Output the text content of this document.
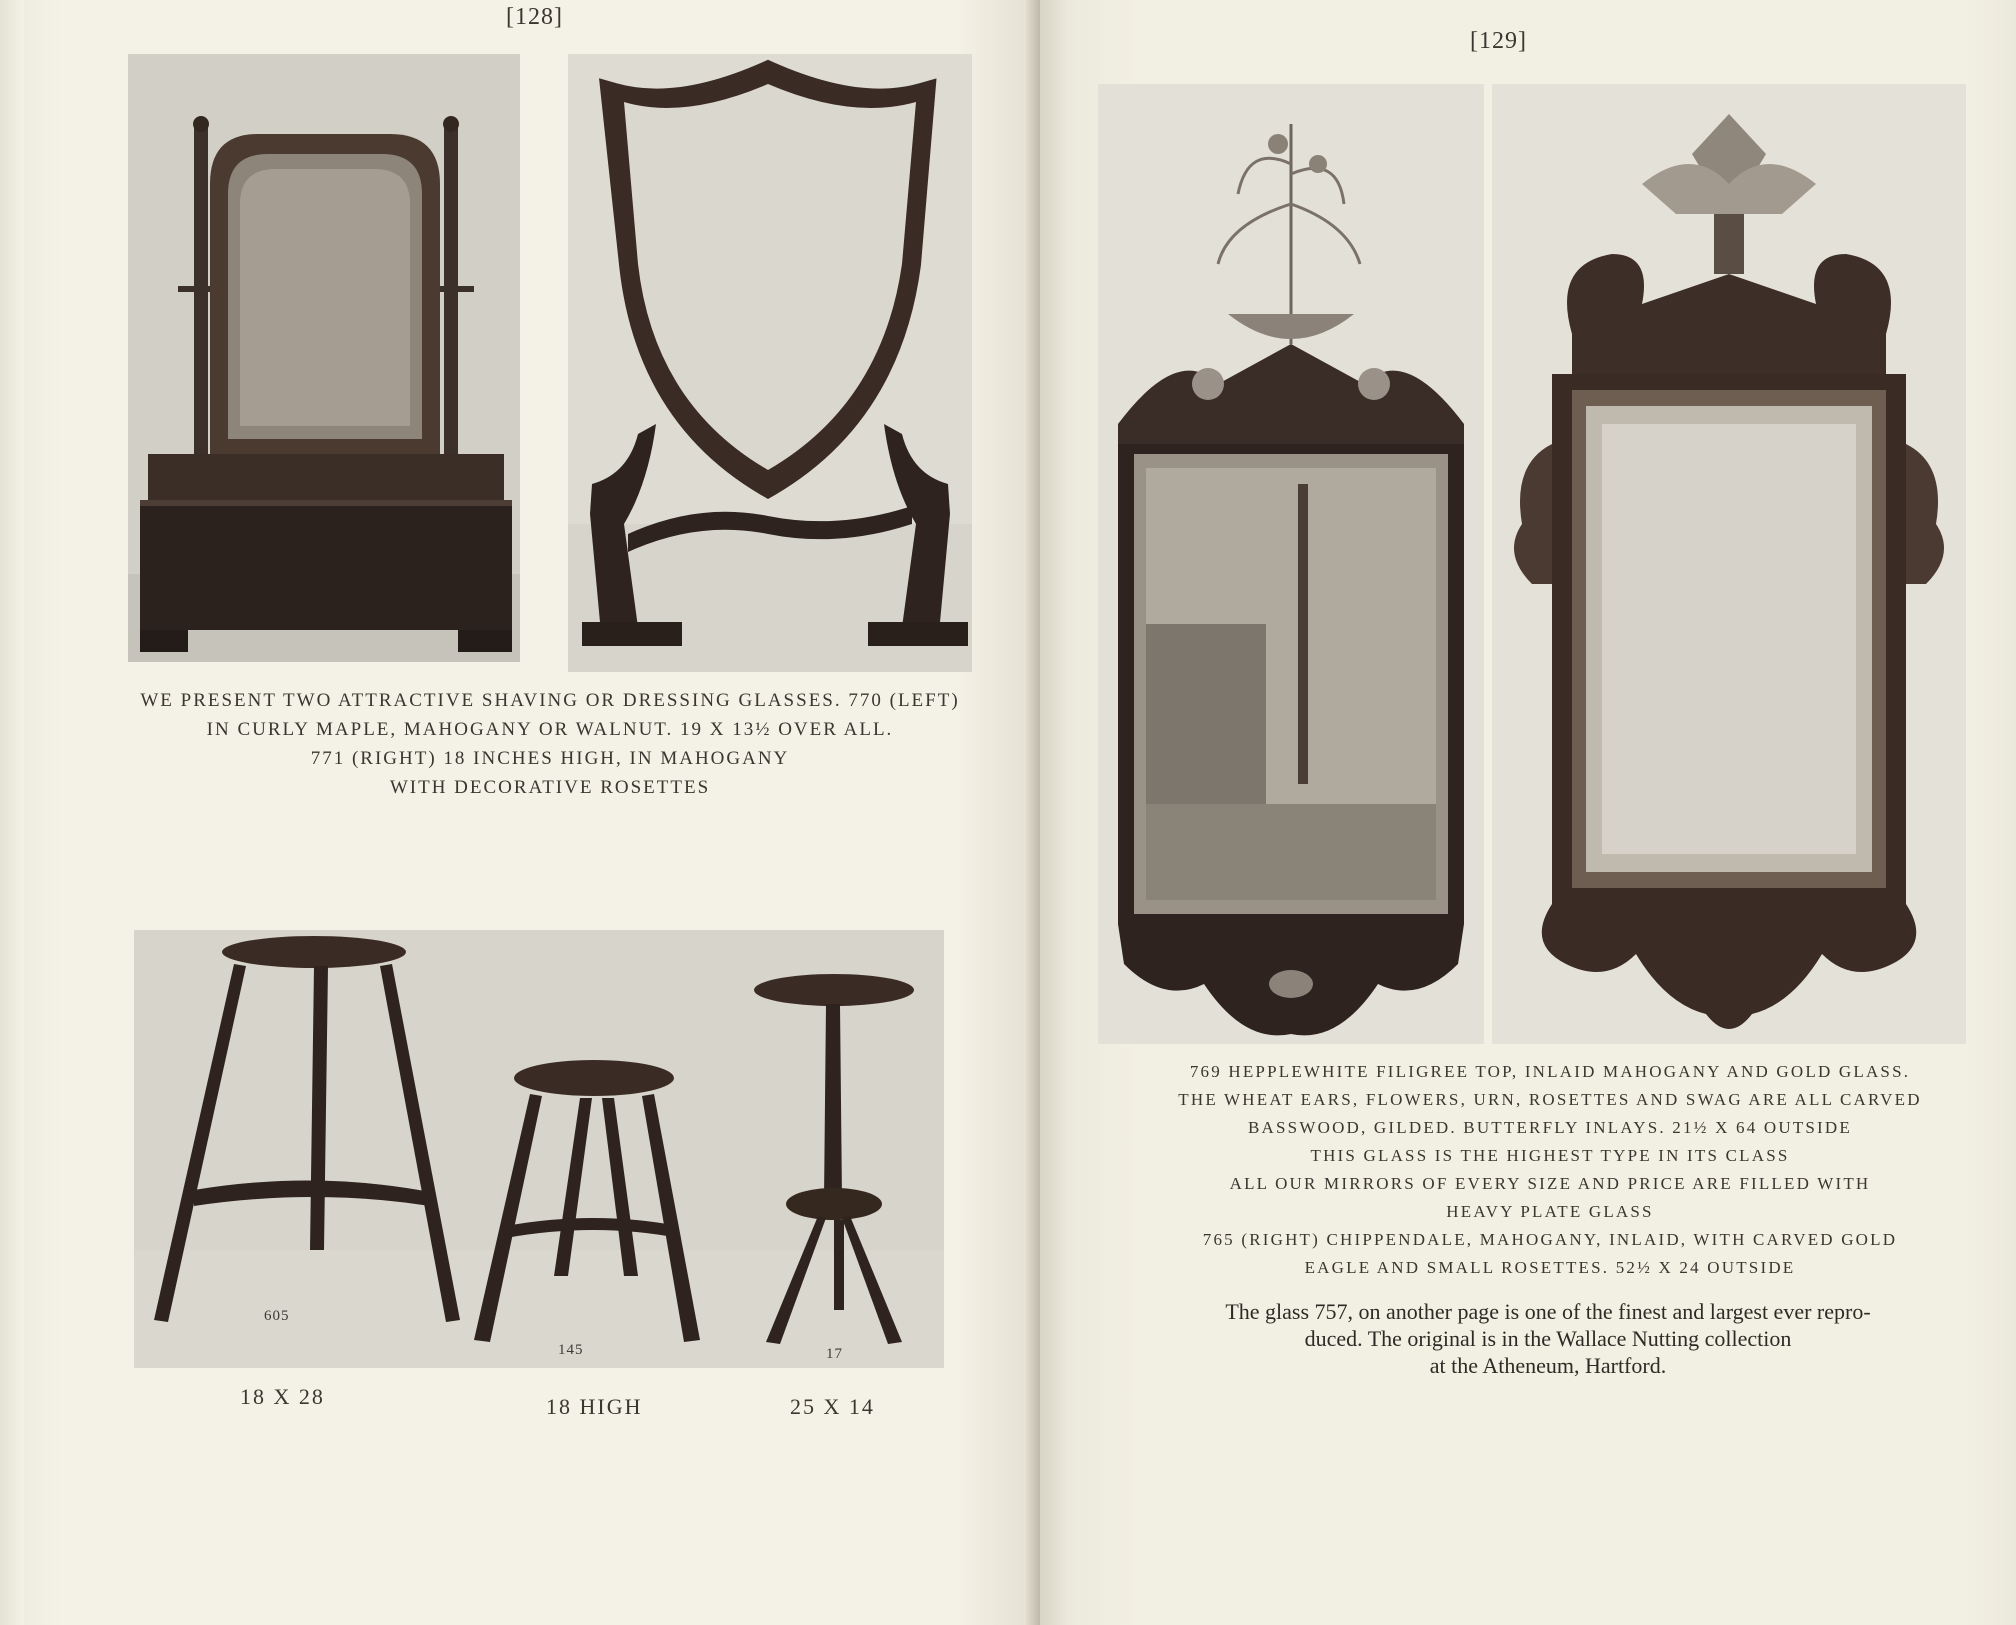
[128]
WE PRESENT TWO ATTRACTIVE SHAVING OR DRESSING GLASSES. 770 (LEFT)
IN CURLY MAPLE, MAHOGANY OR WALNUT. 19 X 13½ OVER ALL.
771 (RIGHT) 18 INCHES HIGH, IN MAHOGANY
WITH DECORATIVE ROSETTES
605
145	17
18 X 28	18 HIGH	25 X 14
[129]
769 HEPPLEWHITE FILIGREE TOP, INLAID MAHOGANY AND GOLD GLASS.
THE WHEAT EARS, FLOWERS, URN, ROSETTES AND SWAG ARE ALL CARVED
BASSWOOD, GILDED. BUTTERFLY INLAYS. 21½ X 64 OUTSIDE
THIS GLASS IS THE HIGHEST TYPE IN ITS CLASS
ALL OUR MIRRORS OF EVERY SIZE AND PRICE ARE FILLED WITH
HEAVY PLATE GLASS
765 (RIGHT) CHIPPENDALE, MAHOGANY, INLAID, WITH CARVED GOLD
EAGLE AND SMALL ROSETTES. 52½ X 24 OUTSIDE
The glass 757, on another page is one of the finest and largest ever repro-
duced. The original is in the Wallace Nutting collection
at the Atheneum, Hartford.
